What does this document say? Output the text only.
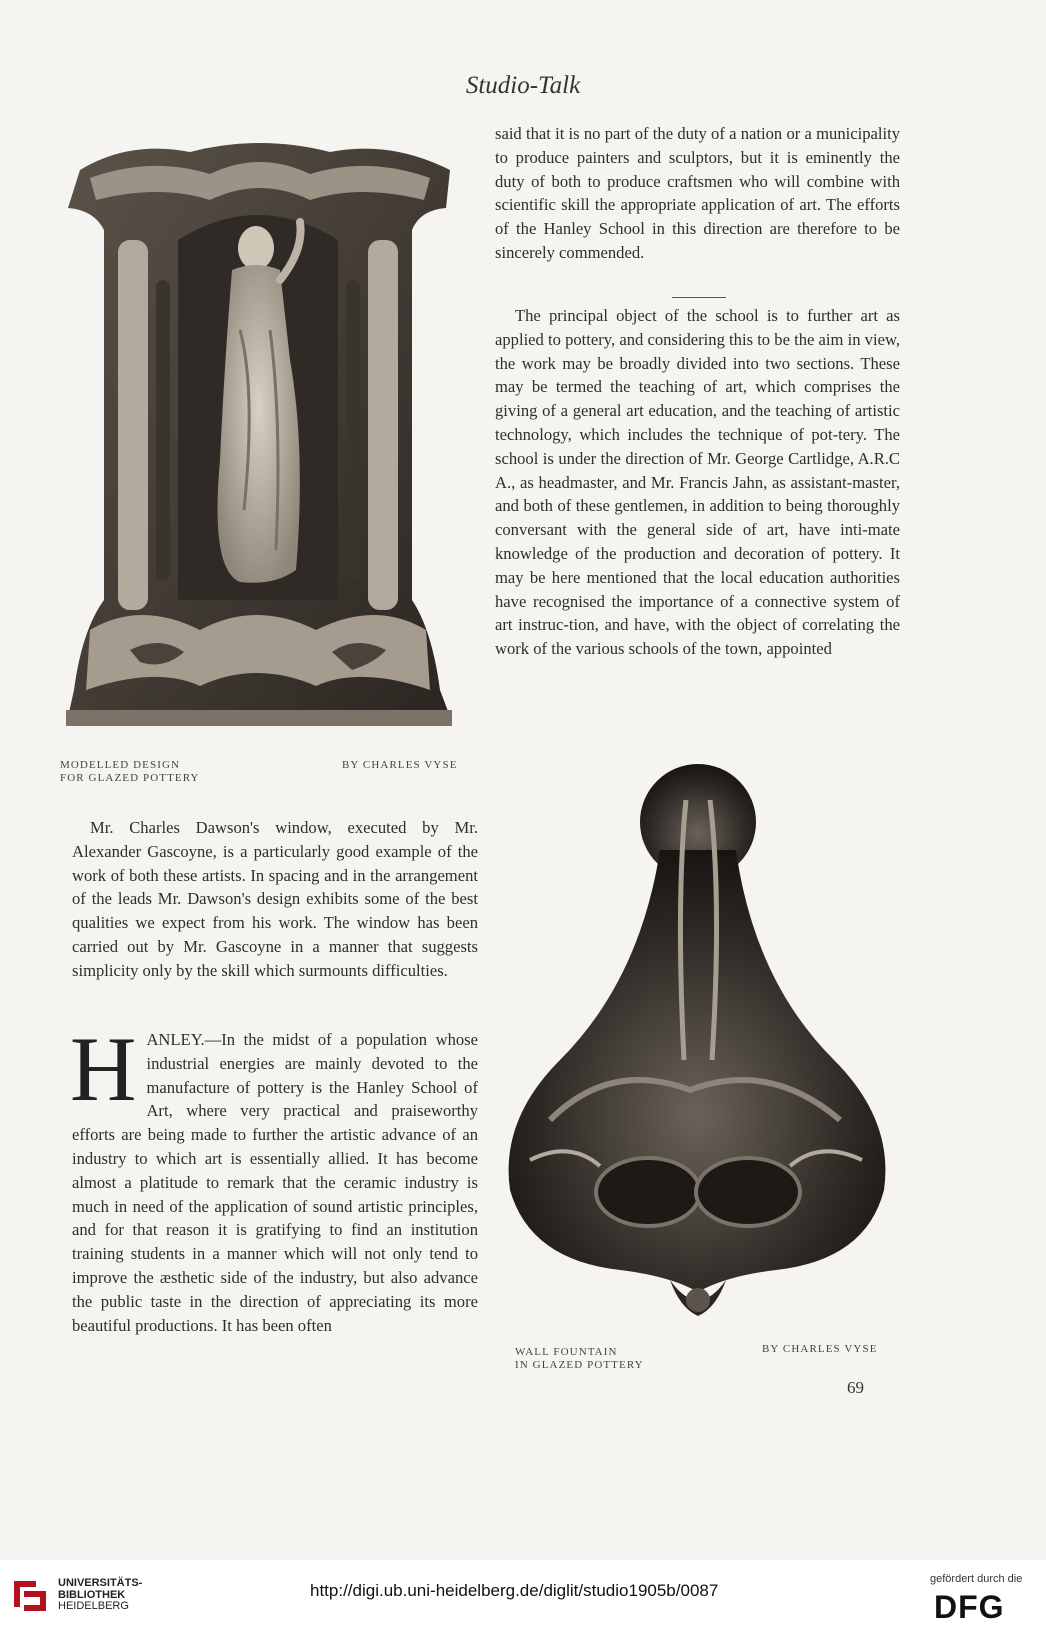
Studio-Talk
MODELLED DESIGN
FOR GLAZED POTTERY
BY CHARLES VYSE

said that it is no part of the duty of a nation or a municipality to produce painters and sculptors, but it is eminently the duty of both to produce craftsmen who will combine with scientific skill the appropriate application of art. The efforts of the Hanley School in this direction are therefore to be sincerely commended.

The principal object of the school is to further art as applied to pottery, and considering this to be the aim in view, the work may be broadly divided into two sections. These may be termed the teaching of art, which comprises the giving of a general art education, and the teaching of artistic technology, which includes the technique of pot-tery. The school is under the direction of Mr. George Cartlidge, A.R.C A., as headmaster, and Mr. Francis Jahn, as assistant-master, and both of these gentlemen, in addition to being thoroughly conversant with the general side of art, have inti-mate knowledge of the production and decoration of pottery. It may be here mentioned that the local education authorities have recognised the importance of a connective system of art instruc-tion, and have, with the object of correlating the work of the various schools of the town, appointed

Mr. Charles Dawson's window, executed by Mr. Alexander Gascoyne, is a particularly good example of the work of both these artists. In spacing and in the arrangement of the leads Mr. Dawson's design exhibits some of the best qualities we expect from his work. The window has been carried out by Mr. Gascoyne in a manner that suggests simplicity only by the skill which surmounts difficulties.

HANLEY.—In the midst of a population whose industrial energies are mainly devoted to the manufacture of pottery is the Hanley School of Art, where very practical and praiseworthy efforts are being made to further the artistic advance of an industry to which art is essentially allied. It has become almost a platitude to remark that the ceramic industry is much in need of the application of sound artistic principles, and for that reason it is gratifying to find an institution training students in a manner which will not only tend to improve the æsthetic side of the industry, but also advance the public taste in the direction of appreciating its more beautiful productions. It has been often
WALL FOUNTAIN
IN GLAZED POTTERY
BY CHARLES VYSE
69
UNIVERSITÄTS-
BIBLIOTHEK
HEIDELBERG
http://digi.ub.uni-heidelberg.de/diglit/studio1905b/0087
gefördert durch die
DFG
